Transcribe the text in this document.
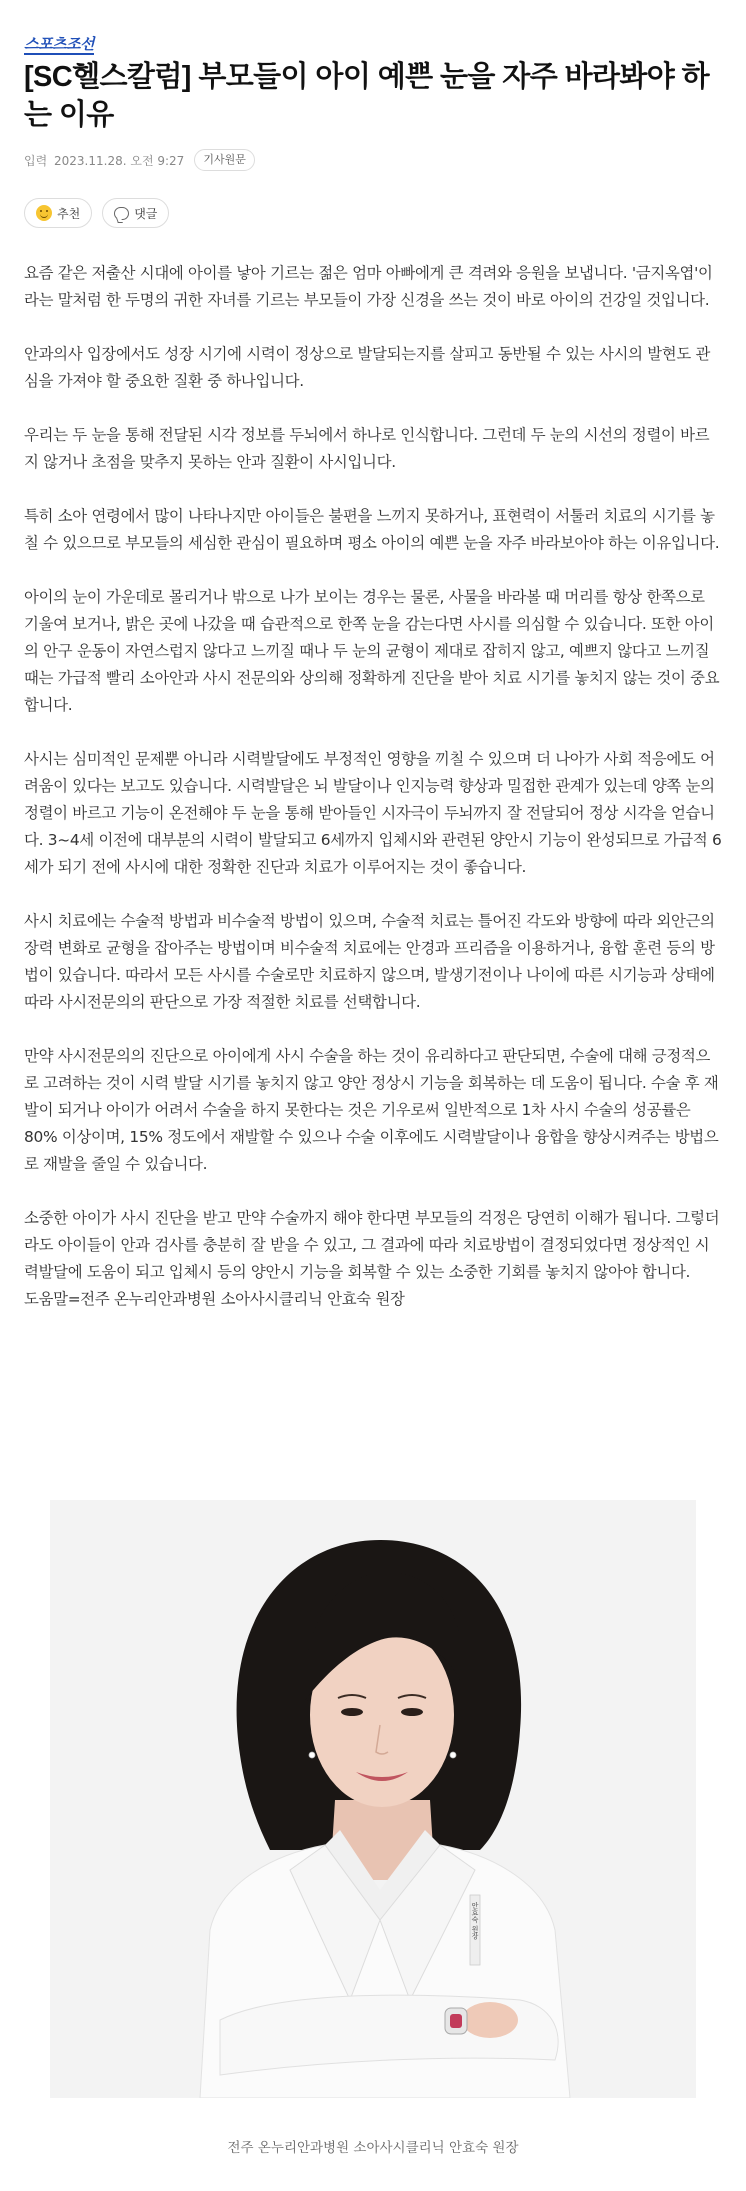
스포츠조선
[SC헬스칼럼] 부모들이 아이 예쁜 눈을 자주 바라봐야 하는 이유
입력 2023.11.28. 오전 9:27	기사원문
추천	댓글

요즘 같은 저출산 시대에 아이를 낳아 기르는 젊은 엄마 아빠에게 큰 격려와 응원을 보냅니다. '금지옥엽'이라는 말처럼 한 두명의 귀한 자녀를 기르는 부모들이 가장 신경을 쓰는 것이 바로 아이의 건강일 것입니다.

안과의사 입장에서도 성장 시기에 시력이 정상으로 발달되는지를 살피고 동반될 수 있는 사시의 발현도 관심을 가져야 할 중요한 질환 중 하나입니다.

우리는 두 눈을 통해 전달된 시각 정보를 두뇌에서 하나로 인식합니다. 그런데 두 눈의 시선의 정렬이 바르지 않거나 초점을 맞추지 못하는 안과 질환이 사시입니다.

특히 소아 연령에서 많이 나타나지만 아이들은 불편을 느끼지 못하거나, 표현력이 서툴러 치료의 시기를 놓칠 수 있으므로 부모들의 세심한 관심이 필요하며 평소 아이의 예쁜 눈을 자주 바라보아야 하는 이유입니다.

아이의 눈이 가운데로 몰리거나 밖으로 나가 보이는 경우는 물론, 사물을 바라볼 때 머리를 항상 한쪽으로 기울여 보거나, 밝은 곳에 나갔을 때 습관적으로 한쪽 눈을 감는다면 사시를 의심할 수 있습니다. 또한 아이의 안구 운동이 자연스럽지 않다고 느끼질 때나 두 눈의 균형이 제대로 잡히지 않고, 예쁘지 않다고 느끼질 때는 가급적 빨리 소아안과 사시 전문의와 상의해 정확하게 진단을 받아 치료 시기를 놓치지 않는 것이 중요합니다.

사시는 심미적인 문제뿐 아니라 시력발달에도 부정적인 영향을 끼칠 수 있으며 더 나아가 사회 적응에도 어려움이 있다는 보고도 있습니다. 시력발달은 뇌 발달이나 인지능력 향상과 밀접한 관계가 있는데 양쪽 눈의 정렬이 바르고 기능이 온전해야 두 눈을 통해 받아들인 시자극이 두뇌까지 잘 전달되어 정상 시각을 얻습니다. 3~4세 이전에 대부분의 시력이 발달되고 6세까지 입체시와 관련된 양안시 기능이 완성되므로 가급적 6세가 되기 전에 사시에 대한 정확한 진단과 치료가 이루어지는 것이 좋습니다.

사시 치료에는 수술적 방법과 비수술적 방법이 있으며, 수술적 치료는 틀어진 각도와 방향에 따라 외안근의 장력 변화로 균형을 잡아주는 방법이며 비수술적 치료에는 안경과 프리즘을 이용하거나, 융합 훈련 등의 방법이 있습니다. 따라서 모든 사시를 수술로만 치료하지 않으며, 발생기전이나 나이에 따른 시기능과 상태에 따라 사시전문의의 판단으로 가장 적절한 치료를 선택합니다.

만약 사시전문의의 진단으로 아이에게 사시 수술을 하는 것이 유리하다고 판단되면, 수술에 대해 긍정적으로 고려하는 것이 시력 발달 시기를 놓치지 않고 양안 정상시 기능을 회복하는 데 도움이 됩니다. 수술 후 재발이 되거나 아이가 어려서 수술을 하지 못한다는 것은 기우로써 일반적으로 1차 사시 수술의 성공률은 80% 이상이며, 15% 정도에서 재발할 수 있으나 수술 이후에도 시력발달이나 융합을 향상시켜주는 방법으로 재발을 줄일 수 있습니다.

소중한 아이가 사시 진단을 받고 만약 수술까지 해야 한다면 부모들의 걱정은 당연히 이해가 됩니다. 그렇더라도 아이들이 안과 검사를 충분히 잘 받을 수 있고, 그 결과에 따라 치료방법이 결정되었다면 정상적인 시력발달에 도움이 되고 입체시 등의 양안시 기능을 회복할 수 있는 소중한 기회를 놓치지 않아야 합니다.

도움말=전주 온누리안과병원 소아사시클리닉 안효숙 원장

안효숙 원장
전주 온누리안과병원 소아사시클리닉 안효숙 원장
